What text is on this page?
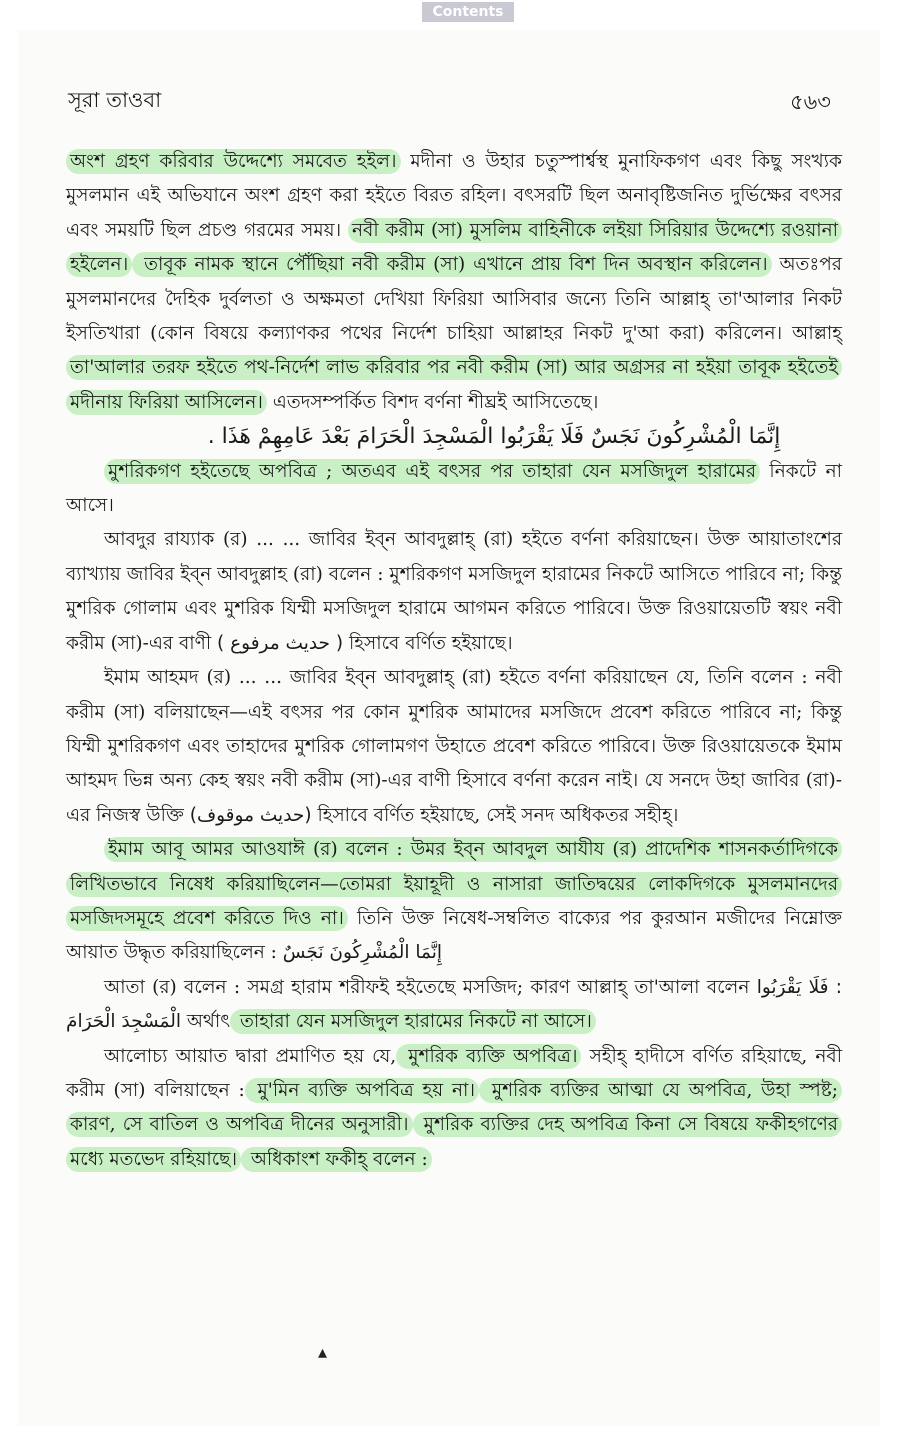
Contents
সূরা তাওবা	৫৬৩

অংশ গ্রহণ করিবার উদ্দেশ্যে সমবেত হইল। মদীনা ও উহার চতুস্পার্শ্বস্থ মুনাফিকগণ এবং কিছু সংখ্যক মুসলমান এই অভিযানে অংশ গ্রহণ করা হইতে বিরত রহিল। বৎসরটি ছিল অনাবৃষ্টিজনিত দুর্ভিক্ষের বৎসর এবং সময়টি ছিল প্রচণ্ড গরমের সময়। নবী করীম (সা) মুসলিম বাহিনীকে লইয়া সিরিয়ার উদ্দেশ্যে রওয়ানা হইলেন। তাবূক নামক স্থানে পৌঁছিয়া নবী করীম (সা) এখানে প্রায় বিশ দিন অবস্থান করিলেন। অতঃপর মুসলমানদের দৈহিক দুর্বলতা ও অক্ষমতা দেখিয়া ফিরিয়া আসিবার জন্যে তিনি আল্লাহ্ তা'আলার নিকট ইসতিখারা (কোন বিষয়ে কল্যাণকর পথের নির্দেশ চাহিয়া আল্লাহর নিকট দু'আ করা) করিলেন। আল্লাহ্ তা'আলার তরফ হইতে পথ-নির্দেশ লাভ করিবার পর নবী করীম (সা) আর অগ্রসর না হইয়া তাবূক হইতেই মদীনায় ফিরিয়া আসিলেন। এতদসম্পর্কিত বিশদ বর্ণনা শীঘ্রই আসিতেছে।

إِنَّمَا الْمُشْرِكُونَ نَجَسٌ فَلَا يَقْرَبُوا الْمَسْجِدَ الْحَرَامَ بَعْدَ عَامِهِمْ هَذَا .

মুশরিকগণ হইতেছে অপবিত্র ; অতএব এই বৎসর পর তাহারা যেন মসজিদুল হারামের নিকটে না আসে।

আবদুর রায্যাক (র) ... ... জাবির ইব্ন আবদুল্লাহ্ (রা) হইতে বর্ণনা করিয়াছেন। উক্ত আয়াতাংশের ব্যাখ্যায় জাবির ইব্ন আবদুল্লাহ (রা) বলেন : মুশরিকগণ মসজিদুল হারামের নিকটে আসিতে পারিবে না; কিন্তু মুশরিক গোলাম এবং মুশরিক যিম্মী মসজিদুল হারামে আগমন করিতে পারিবে। উক্ত রিওয়ায়েতটি স্বয়ং নবী করীম (সা)-এর বাণী ( حديث مرفوع ) হিসাবে বর্ণিত হইয়াছে।

ইমাম আহমদ (র) ... ... জাবির ইব্ন আবদুল্লাহ্ (রা) হইতে বর্ণনা করিয়াছেন যে, তিনি বলেন : নবী করীম (সা) বলিয়াছেন—এই বৎসর পর কোন মুশরিক আমাদের মসজিদে প্রবেশ করিতে পারিবে না; কিন্তু যিম্মী মুশরিকগণ এবং তাহাদের মুশরিক গোলামগণ উহাতে প্রবেশ করিতে পারিবে। উক্ত রিওয়ায়েতকে ইমাম আহমদ ভিন্ন অন্য কেহ স্বয়ং নবী করীম (সা)-এর বাণী হিসাবে বর্ণনা করেন নাই। যে সনদে উহা জাবির (রা)-এর নিজস্ব উক্তি (حديث موقوف) হিসাবে বর্ণিত হইয়াছে, সেই সনদ অধিকতর সহীহ্।

ইমাম আবূ আমর আওযাঈ (র) বলেন : উমর ইব্ন আবদুল আযীয (র) প্রাদেশিক শাসনকর্তাদিগকে লিখিতভাবে নিষেধ করিয়াছিলেন—তোমরা ইয়াহূদী ও নাসারা জাতিদ্বয়ের লোকদিগকে মুসলমানদের মসজিদসমূহে প্রবেশ করিতে দিও না। তিনি উক্ত নিষেধ-সম্বলিত বাক্যের পর কুরআন মজীদের নিম্নোক্ত আয়াত উদ্ধৃত করিয়াছিলেন : إِنَّمَا الْمُشْرِكُونَ نَجَسٌ

আতা (র) বলেন : সমগ্র হারাম শরীফই হইতেছে মসজিদ; কারণ আল্লাহ্ তা'আলা বলেন : فَلَا يَقْرَبُوا الْمَسْجِدَ الْحَرَامَ অর্থাৎ তাহারা যেন মসজিদুল হারামের নিকটে না আসে।

আলোচ্য আয়াত দ্বারা প্রমাণিত হয় যে, মুশরিক ব্যক্তি অপবিত্র। সহীহ্ হাদীসে বর্ণিত রহিয়াছে, নবী করীম (সা) বলিয়াছেন : মু'মিন ব্যক্তি অপবিত্র হয় না। মুশরিক ব্যক্তির আত্মা যে অপবিত্র, উহা স্পষ্ট; কারণ, সে বাতিল ও অপবিত্র দীনের অনুসারী। মুশরিক ব্যক্তির দেহ অপবিত্র কিনা সে বিষয়ে ফকীহগণের মধ্যে মতভেদ রহিয়াছে। অধিকাংশ ফকীহ্ বলেন :

▴
